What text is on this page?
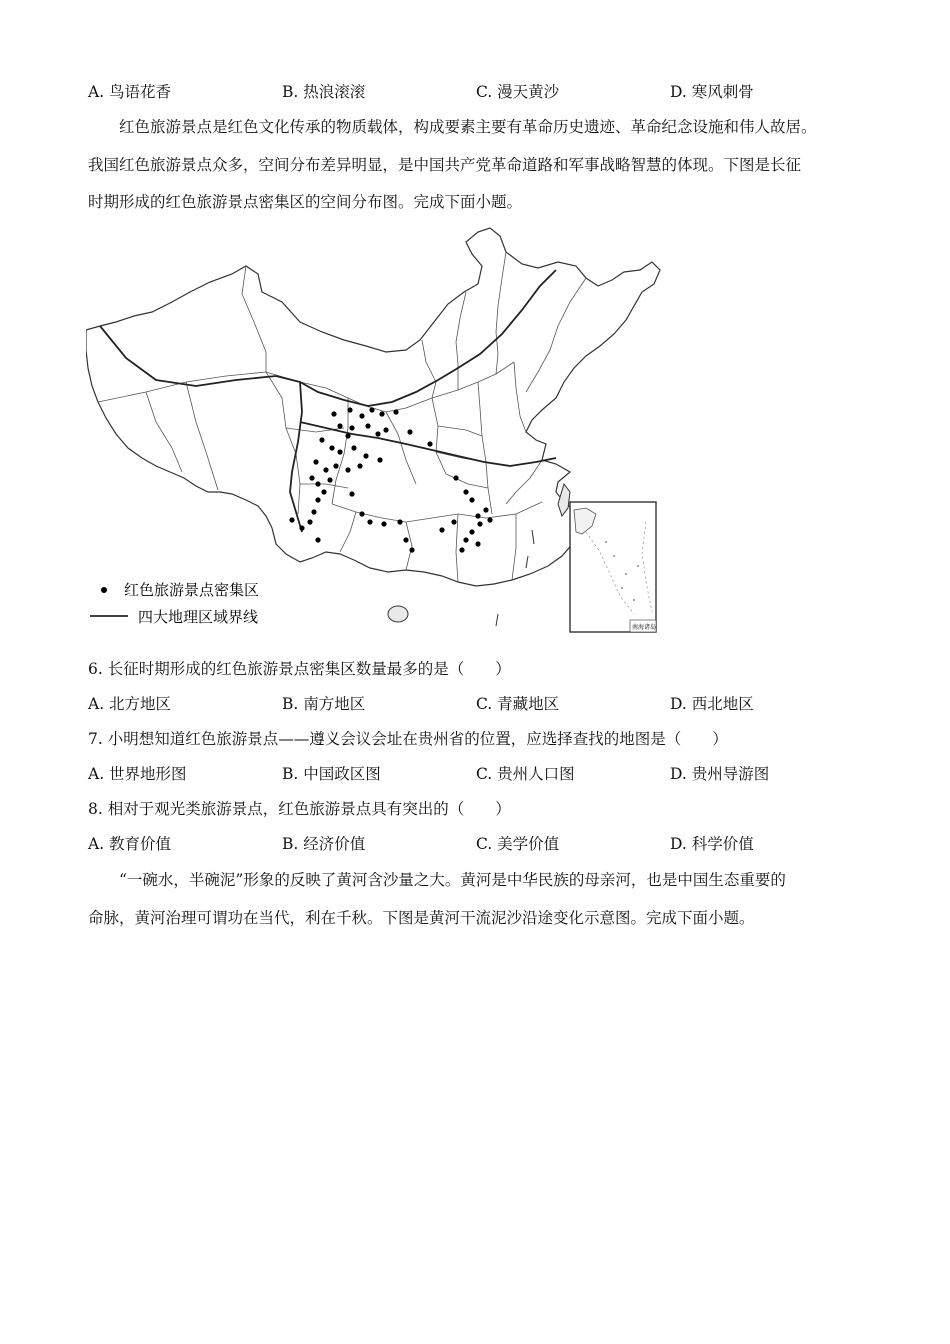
A. 鸟语花香	B. 热浪滚滚	C. 漫天黄沙	D. 寒风刺骨
红色旅游景点是红色文化传承的物质载体，构成要素主要有革命历史遗迹、革命纪念设施和伟人故居。
我国红色旅游景点众多，空间分布差异明显，是中国共产党革命道路和军事战略智慧的体现。下图是长征
时期形成的红色旅游景点密集区的空间分布图。完成下面小题。
红色旅游景点密集区
四大地理区域界线
南海诸岛
6. 长征时期形成的红色旅游景点密集区数量最多的是（　　）
A. 北方地区	B. 南方地区	C. 青藏地区	D. 西北地区
7. 小明想知道红色旅游景点——遵义会议会址在贵州省的位置，应选择查找的地图是（　　）
A. 世界地形图	B. 中国政区图	C. 贵州人口图	D. 贵州导游图
8. 相对于观光类旅游景点，红色旅游景点具有突出的（　　）
A. 教育价值	B. 经济价值	C. 美学价值	D. 科学价值
“一碗水，半碗泥”形象的反映了黄河含沙量之大。黄河是中华民族的母亲河，也是中国生态重要的
命脉，黄河治理可谓功在当代，利在千秋。下图是黄河干流泥沙沿途变化示意图。完成下面小题。
